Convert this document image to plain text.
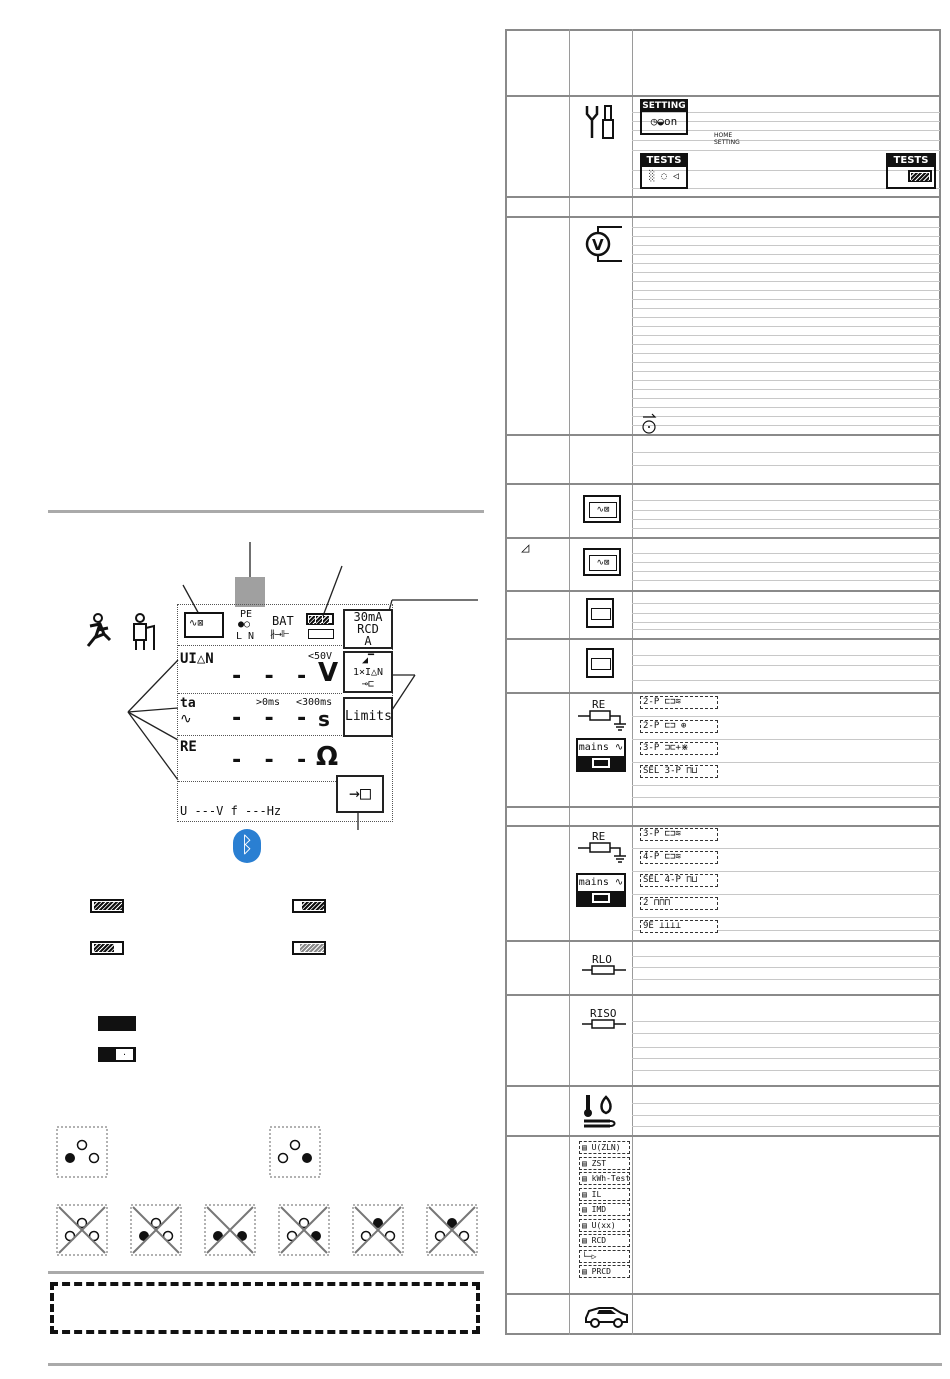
∿⊠
PE
●○
L N
BAT
∦⟶⊩
UI△N	<50V
- - - V
ta	>0ms <300ms
∿ - - - s
RE
- - - Ω
U ---V f ---Hz
30mA
RCD
A
◢▔
1×I△N
⊸⊏
Limits
→□
ᛒ
·
SETTING
◷◒on
HOME SETTING
TESTS
░ ◌ ◁
TESTS
V
∿⊠
◿
∿⊠
RE
mains ∿
2-P ⊏⊐≋
2-P ⊏⊐ ⊕
3-P ⊐⊏+⋇
SEL 3-P ⊓⊔
RE
mains ∿
3-P ⊏⊐≋
4-P ⊏⊐≋
SEL 4-P ⊓⊔
2 ⊓⊓⊓
9E ⊥⊥⊥⊥
RLO
RISO
▤ U(ZLN)
▤ ZST
▤ kWh-Test
▤ IL
▤ IMD
▤ U(xx)
▤ RCD
└─▷
▤ PRCD
